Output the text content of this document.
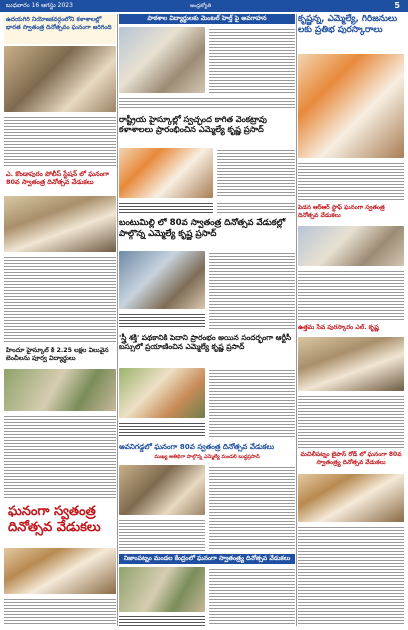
బుధవారం 16 ఆగస్టు 2023	ఆంధ్రజ్యోతి	5
ఉదయగిరి నియోజకవర్గంలోని కళాశాలల్లో భారత స్వాతంత్ర దినోత్సవం ఘనంగా జరిగింది
ఎ. కొండాపురం పోలీస్ స్టేషన్ లో ఘనంగా 80వ స్వాతంత్ర దినోత్సవ వేడుకలు
హిందూ హైస్కూల్ కి 2.25 లక్షల విలువైన బెంచీలను పూర్వ విద్యార్థులు
ఘనంగా స్వతంత్ర దినోత్సవ వేడుకలు
పాఠశాల విద్యార్థులకు మెంటల్ హెల్త్ పై అవగాహన
రాష్ట్రీయ హైస్కూల్లో స్వచ్ఛంద కాగిత వెంకట్రావు కళాశాలలు ప్రారంభించిన ఎమ్మెల్యే కృష్ణ ప్రసాద్
బంటుమిల్లి లో 80వ స్వాతంత్ర దినోత్సవ వేడుకల్లో పాల్గొన్న ఎమ్మెల్యే కృష్ణ ప్రసాద్
'స్త్రీ శక్తి' పథకానికి పెదాని ప్రారంభం అయిన సందర్భంగా ఆర్టీసీ బస్సులో ప్రయాణించిన ఎమ్మెల్యే కృష్ణ ప్రసాద్
అవనిగడ్డలో ఘనంగా 80వ స్వతంత్ర దినోత్సవ వేడుకలు
ముఖ్య అతిథిగా పాల్గొన్న ఎమ్మెల్యే మండలి బుద్ధప్రసాద్
నిజాంపట్నం మండల కేంద్రంలో ఘనంగా స్వాతంత్ర్య దినోత్సవ వేడుకలు
కృష్ణన్న, ఎమ్మెల్యే, గిరిజనులు లకు ప్రతిభ పురస్కారాలు
పెడన ఆర్ఆర్ స్టాఫ్ ఘనంగా స్వతంత్ర దినోత్సవ వేడుకలు
ఉత్తమ సేవ పురస్కారం ఎల్. కృష్ణ
మచిలీపట్నం బైపాస్ రోడ్ లో ఘనంగా 80వ స్వాతంత్ర్య దినోత్సవ వేడుకలు
